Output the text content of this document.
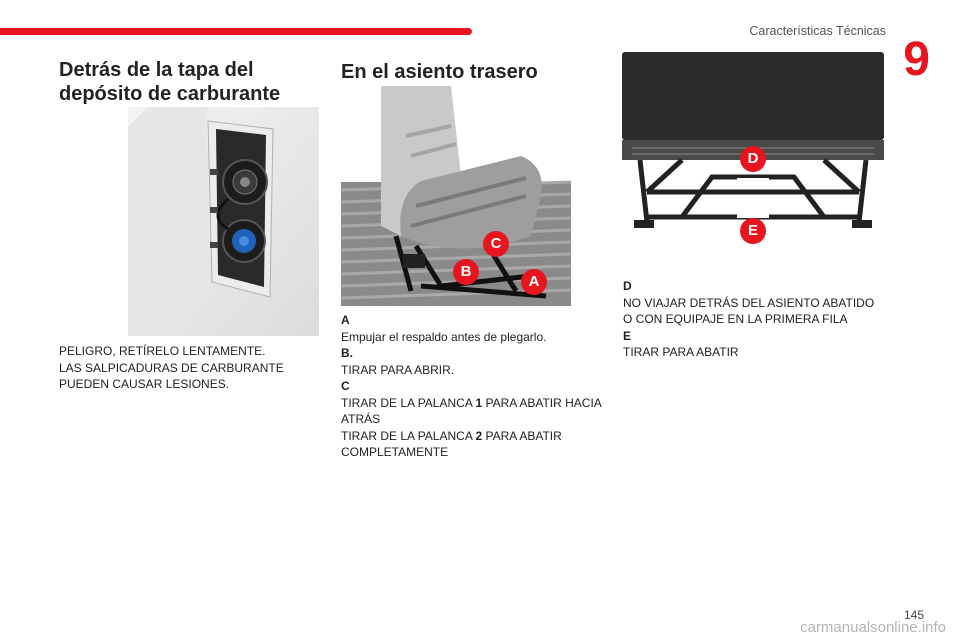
Características Técnicas
9
Detrás de la tapa del depósito de carburante

PELIGRO, RETÍRELO LENTAMENTE.

LAS SALPICADURAS DE CARBURANTE

PUEDEN CAUSAR LESIONES.

En el asiento trasero
C
B
A

A

Empujar el respaldo antes de plegarlo.

B.

TIRAR PARA ABRIR.

C

TIRAR DE LA PALANCA 1 PARA ABATIR HACIA

ATRÁS

TIRAR DE LA PALANCA 2 PARA ABATIR

COMPLETAMENTE

D
E

D

NO VIAJAR DETRÁS DEL ASIENTO ABATIDO

O CON EQUIPAJE EN LA PRIMERA FILA

E

TIRAR PARA ABATIR

145
carmanualsonline.info
